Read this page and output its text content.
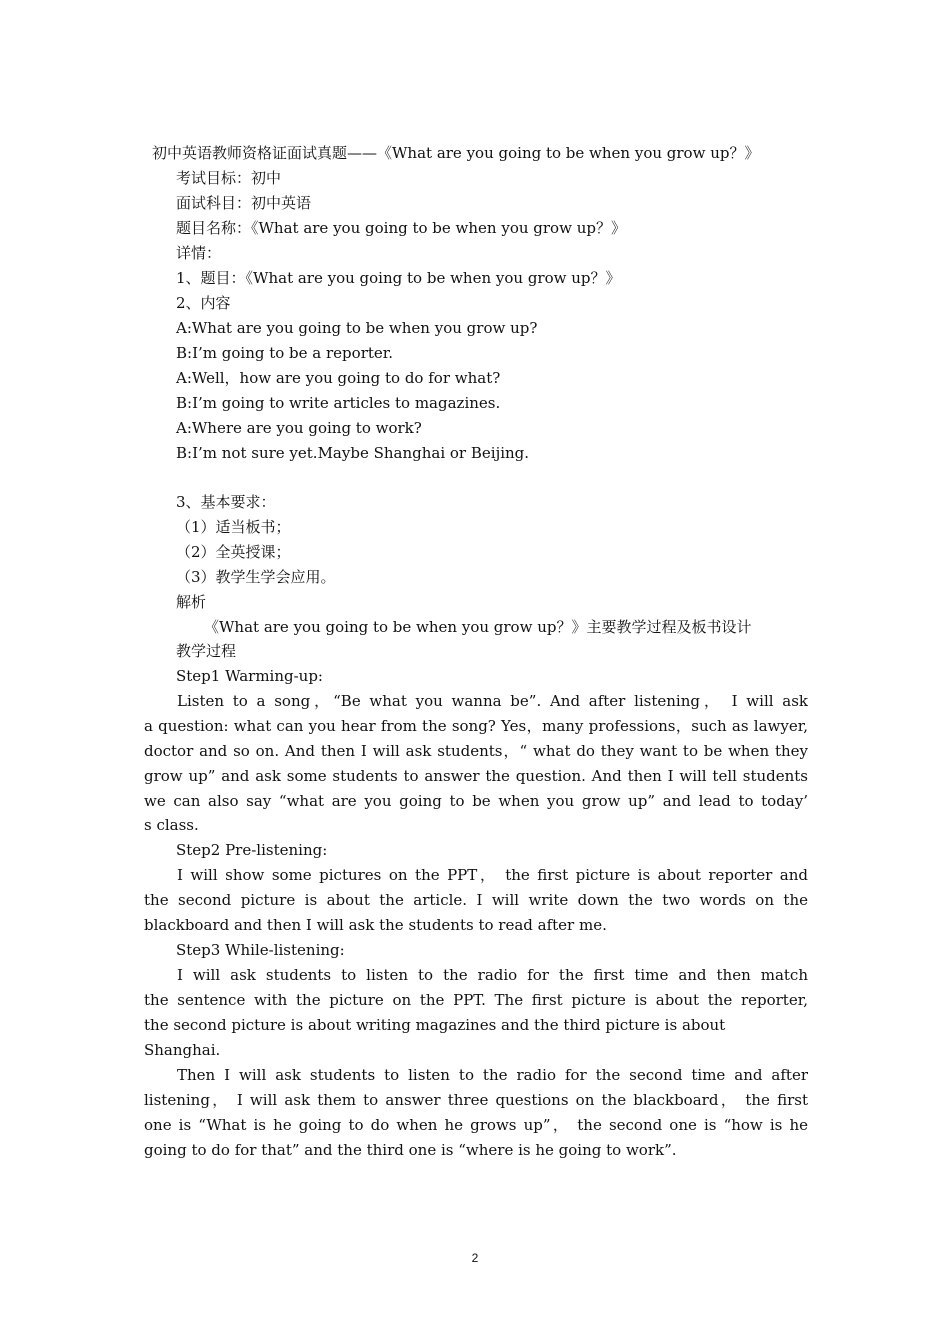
初中英语教师资格证面试真题——《What are you going to be when you grow up？》
考试目标：初中
面试科目：初中英语
题目名称：《What are you going to be when you grow up？》
详情：
1、题目：《What are you going to be when you grow up？》
2、内容
A:What are you going to be when you grow up?
B:I’m going to be a reporter.
A:Well，how are you going to do for what?
B:I’m going to write articles to magazines.
A:Where are you going to work?
B:I’m not sure yet.Maybe Shanghai or Beijing.
3、基本要求：
（1）适当板书；
（2）全英授课；
（3）教学生学会应用。
解析
《What are you going to be when you grow up？》主要教学过程及板书设计
教学过程
Step1 Warming-up:
Listen to a song，“Be what you wanna be”. And after listening， I will ask
a question: what can you hear from the song? Yes，many professions，such as lawyer,
doctor and so on. And then I will ask students，“ what do they want to be when they
grow up” and ask some students to answer the question. And then I will tell students
we can also say “what are you going to be when you grow up” and lead to today’
s class.
Step2 Pre-listening:
I will show some pictures on the PPT， the first picture is about reporter and
the second picture is about the article. I will write down the two words on the
blackboard and then I will ask the students to read after me.
Step3 While-listening:
I will ask students to listen to the radio for the first time and then match
the sentence with the picture on the PPT. The first picture is about the reporter,
the second picture is about writing magazines and the third picture is about
Shanghai.
Then I will ask students to listen to the radio for the second time and after
listening， I will ask them to answer three questions on the blackboard， the first
one is “What is he going to do when he grows up”， the second one is “how is he
going to do for that” and the third one is “where is he going to work”.
2
